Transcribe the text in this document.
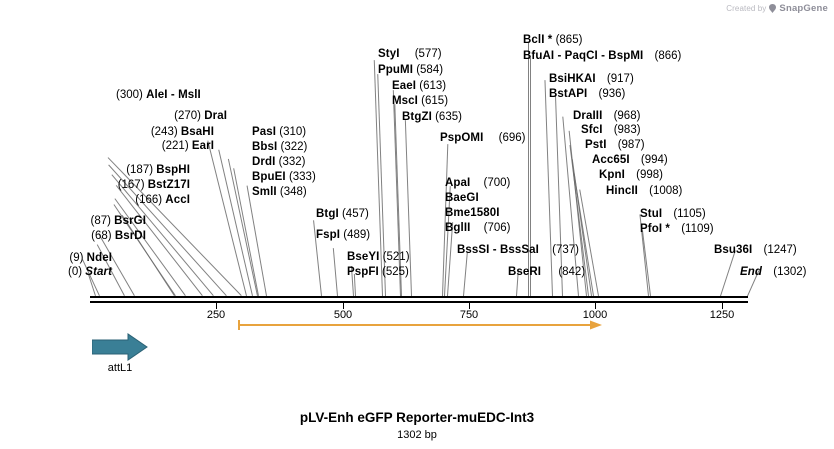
Created by SnapGene
(0) Start
(9) NdeI
(68) BsrDI
(87) BsrGI
(166) AccI
(167) BstZ17I
(187) BspHI
(221) EarI
(243) BsaHI
(270) DraI
(300) AleI - MslI
PasI (310)
BbsI (322)
DrdI (332)
BpuEI (333)
SmlI (348)
BtgI (457)
FspI (489)
BseYI (521)
PspFI (525)
StyI (577)
PpuMI (584)
EaeI (613)
MscI (615)
BtgZI (635)
PspOMI (696)
ApaI (700)
BaeGI
Bme1580I
BglII (706)
BssSI - BssSaI (737)
BseRI (842)
BclI * (865)
BfuAI - PaqCI - BspMI (866)
BsiHKAI (917)
BstAPI (936)
DraIII (968)
SfcI (983)
PstI (987)
Acc65I (994)
KpnI (998)
HincII (1008)
StuI (1105)
PfoI * (1109)
Bsu36I (1247)
End (1302)
250	500	750	1000	1250
attL1
pLV-Enh eGFP Reporter-muEDC-Int3
1302 bp
